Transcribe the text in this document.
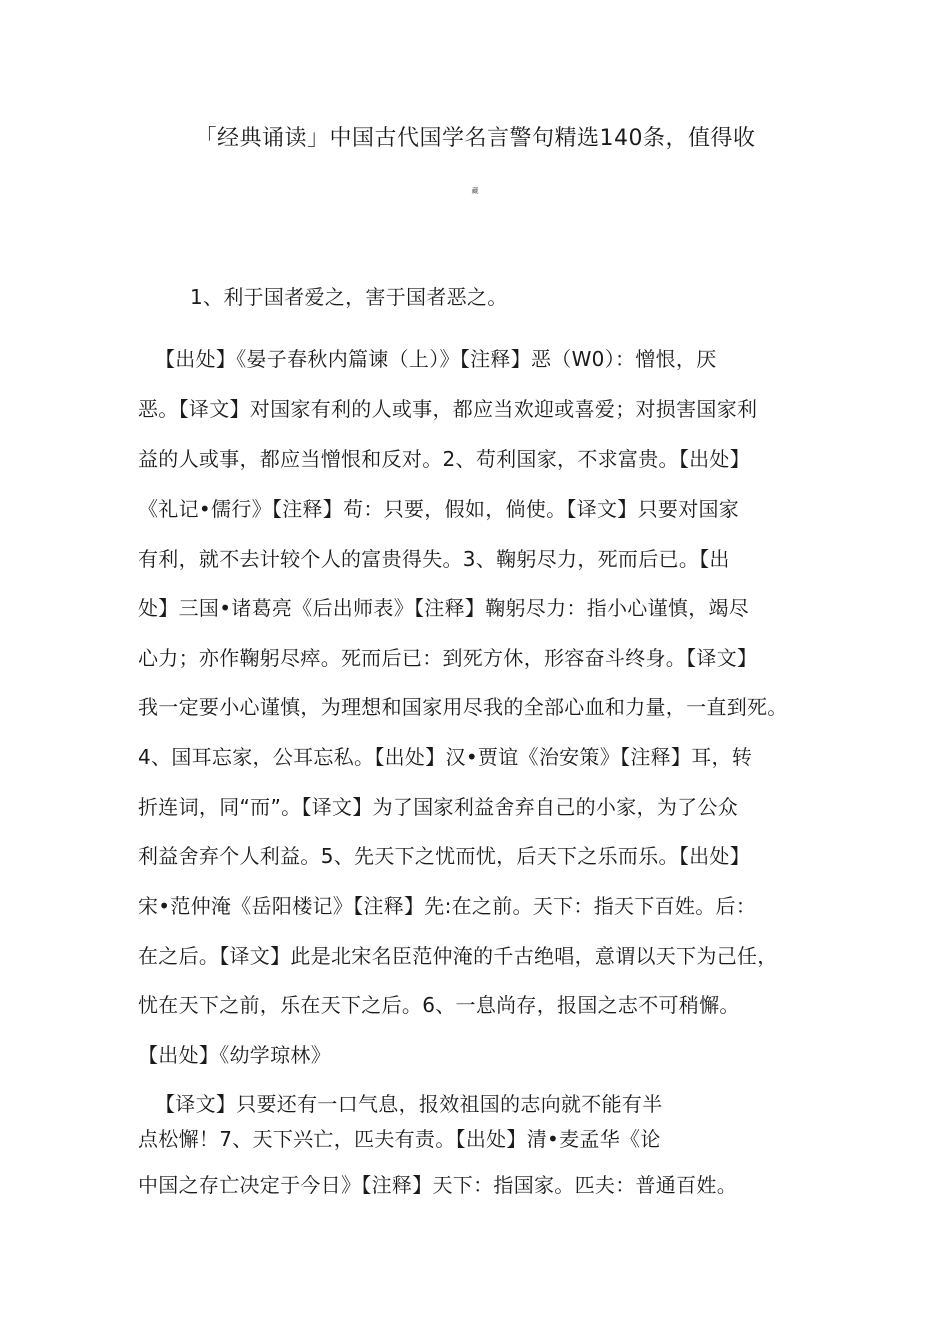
「经典诵读」中国古代国学名言警句精选140条，值得收
藏
1、利于国者爱之，害于国者恶之。
【出处】《晏子春秋内篇谏（上）》【注释】恶（W0）：憎恨，厌
恶。【译文】对国家有利的人或事，都应当欢迎或喜爱；对损害国家利
益的人或事，都应当憎恨和反对。2、苟利国家，不求富贵。【出处】
《礼记•儒行》【注释】苟：只要，假如，倘使。【译文】只要对国家
有利，就不去计较个人的富贵得失。3、鞠躬尽力，死而后已。【出
处】三国•诸葛亮《后出师表》【注释】鞠躬尽力：指小心谨慎，竭尽
心力；亦作鞠躬尽瘁。死而后已：到死方休，形容奋斗终身。【译文】
我一定要小心谨慎，为理想和国家用尽我的全部心血和力量，一直到死。
4、国耳忘家，公耳忘私。【出处】汉•贾谊《治安策》【注释】耳，转
折连词，同“而”。【译文】为了国家利益舍弃自己的小家，为了公众
利益舍弃个人利益。5、先天下之忧而忧，后天下之乐而乐。【出处】
宋•范仲淹《岳阳楼记》【注释】先:在之前。天下：指天下百姓。后：
在之后。【译文】此是北宋名臣范仲淹的千古绝唱，意谓以天下为己任，
忧在天下之前，乐在天下之后。6、一息尚存，报国之志不可稍懈。
【出处】《幼学琼林》
【译文】只要还有一口气息，报效祖国的志向就不能有半
点松懈！7、天下兴亡，匹夫有责。【出处】清•麦孟华《论
中国之存亡决定于今日》【注释】天下：指国家。匹夫：普通百姓。
